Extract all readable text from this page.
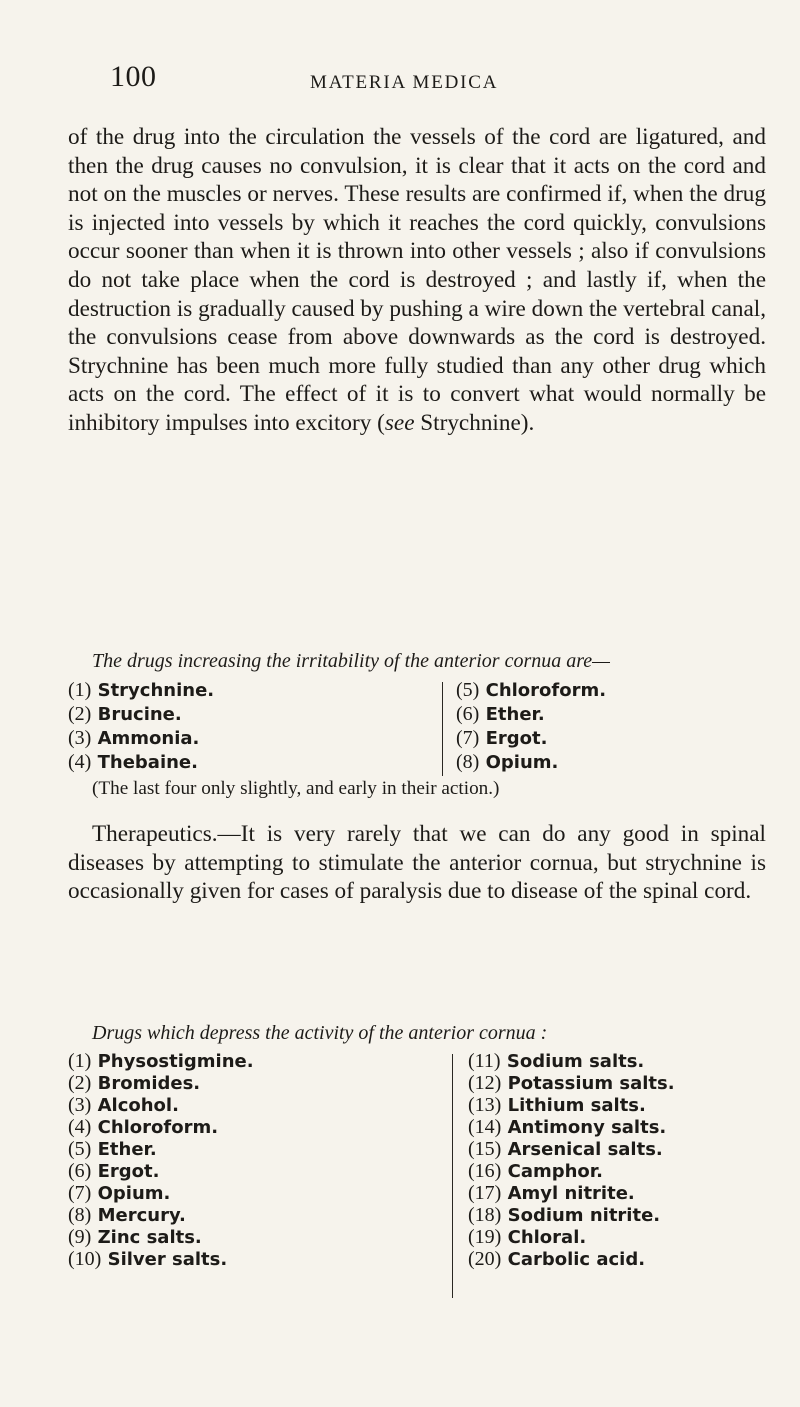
100	MATERIA MEDICA

of the drug into the circulation the vessels of the cord are ligatured, and then the drug causes no convulsion, it is clear that it acts on the cord and not on the muscles or nerves. These results are confirmed if, when the drug is injected into vessels by which it reaches the cord quickly, convulsions occur sooner than when it is thrown into other vessels ; also if convulsions do not take place when the cord is destroyed ; and lastly if, when the destruction is gradually caused by pushing a wire down the vertebral canal, the convulsions cease from above downwards as the cord is destroyed. Strychnine has been much more fully studied than any other drug which acts on the cord. The effect of it is to convert what would normally be inhibitory impulses into excitory (see Strychnine).

The drugs increasing the irritability of the anterior cornua are—

(1) Strychnine.
(2) Brucine.
(3) Ammonia.
(4) Thebaine.
(5) Chloroform.
(6) Ether.
(7) Ergot.
(8) Opium.

(The last four only slightly, and early in their action.)

Therapeutics.—It is very rarely that we can do any good in spinal diseases by attempting to stimulate the anterior cornua, but strychnine is occasionally given for cases of paralysis due to disease of the spinal cord.

Drugs which depress the activity of the anterior cornua :

(1) Physostigmine.
(2) Bromides.
(3) Alcohol.
(4) Chloroform.
(5) Ether.
(6) Ergot.
(7) Opium.
(8) Mercury.
(9) Zinc salts.
(10) Silver salts.
(11) Sodium salts.
(12) Potassium salts.
(13) Lithium salts.
(14) Antimony salts.
(15) Arsenical salts.
(16) Camphor.
(17) Amyl nitrite.
(18) Sodium nitrite.
(19) Chloral.
(20) Carbolic acid.
